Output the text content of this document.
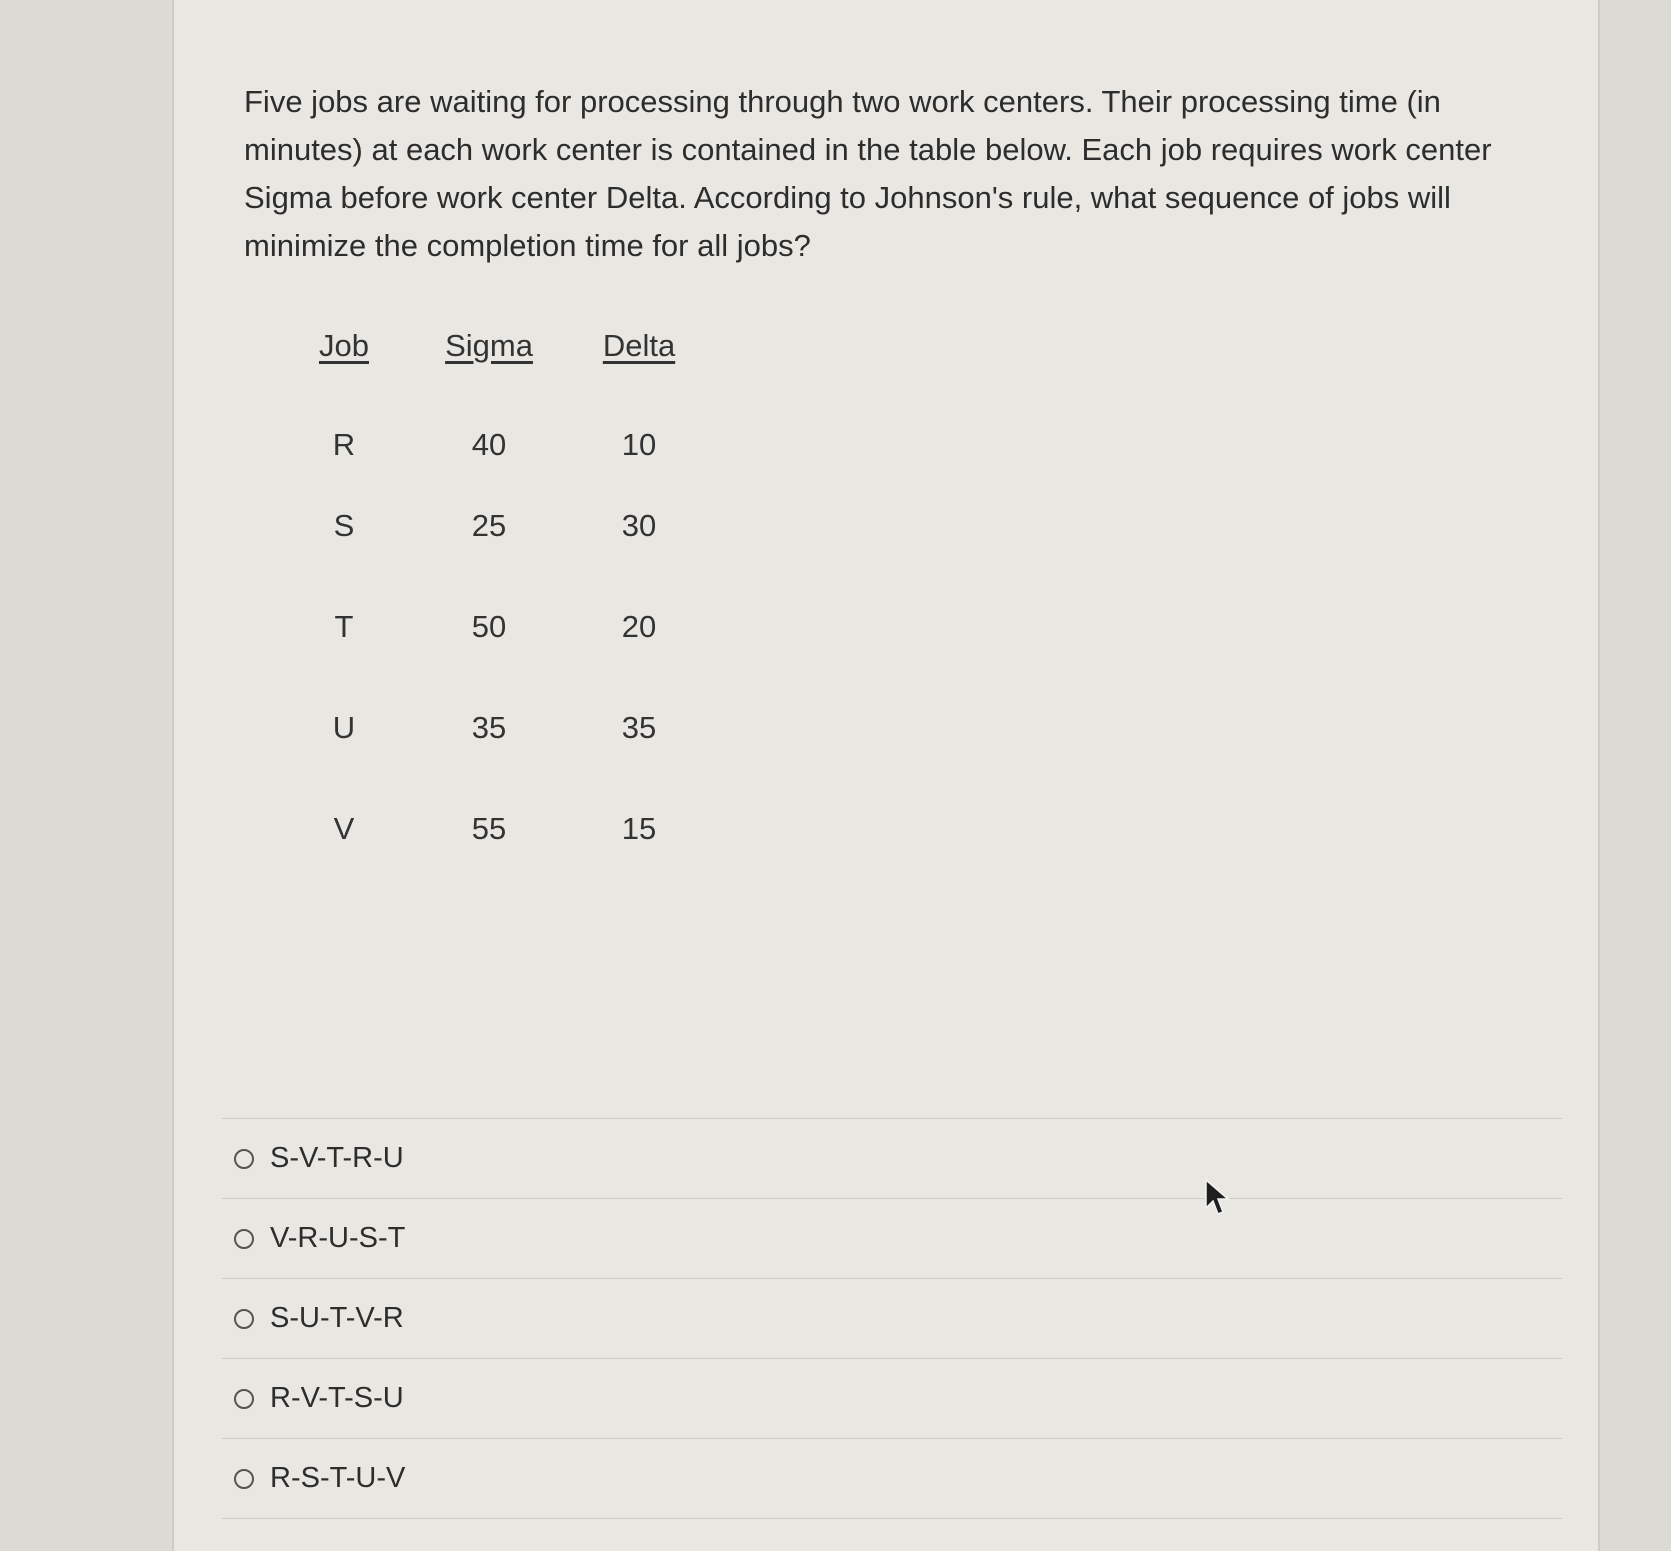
Five jobs are waiting for processing through two work centers. Their processing time (in minutes) at each work center is contained in the table below. Each job requires work center Sigma before work center Delta. According to Johnson's rule, what sequence of jobs will minimize the completion time for all jobs?

Job	Sigma	Delta
R	40	10
S	25	30
T	50	20
U	35	35
V	55	15
S-V-T-R-U
V-R-U-S-T
S-U-T-V-R
R-V-T-S-U
R-S-T-U-V
